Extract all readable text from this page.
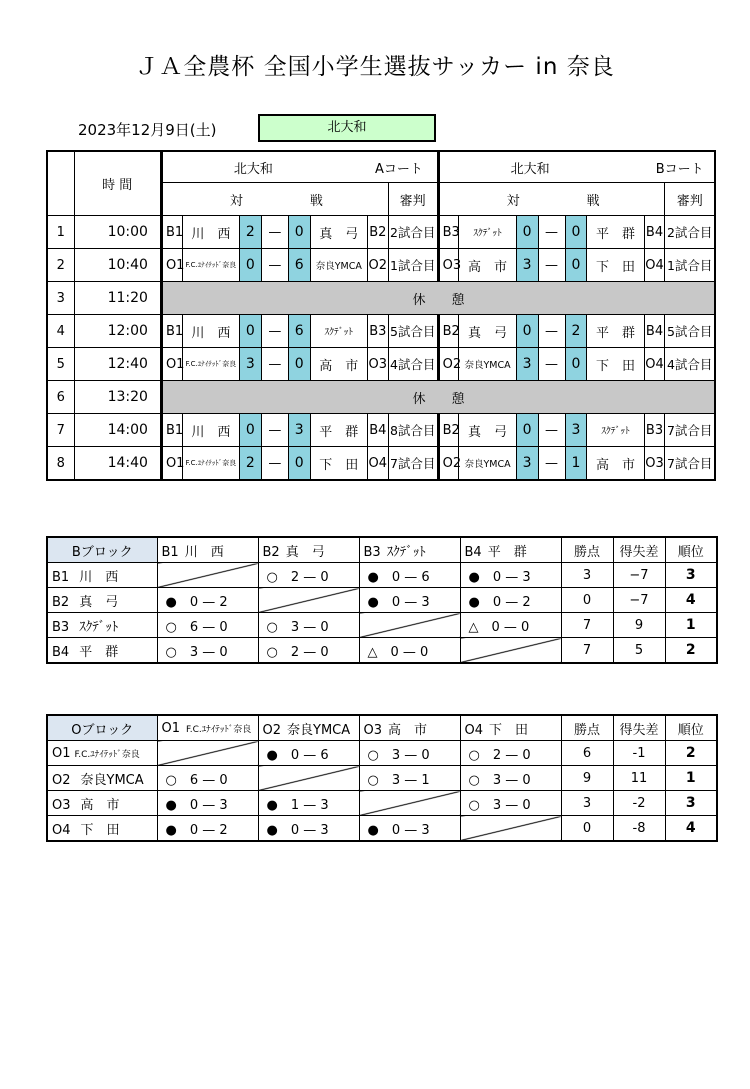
ＪＡ全農杯 全国小学生選抜サッカー in 奈良
2023年12月9日(土)	北大和
	時 間	北大和 Aコート								北大和 Bコート							
		対 戦							審判	対 戦							審判
1	10:00	B1	川　西	2	—	0	真　弓	B2	2試合目	B3	ｽｸﾃﾞｯﾄ	0	—	0	平　群	B4	2試合目
2	10:40	O1	F.C.ﾕﾅｲﾃｯﾄﾞ奈良	0	—	6	奈良YMCA	O2	1試合目	O3	高　市	3	—	0	下　田	O4	1試合目
3	11:20	休　　憩															
4	12:00	B1	川　西	0	—	6	ｽｸﾃﾞｯﾄ	B3	5試合目	B2	真　弓	0	—	2	平　群	B4	5試合目
5	12:40	O1	F.C.ﾕﾅｲﾃｯﾄﾞ奈良	3	—	0	高　市	O3	4試合目	O2	奈良YMCA	3	—	0	下　田	O4	4試合目
6	13:20	休　　憩															
7	14:00	B1	川　西	0	—	3	平　群	B4	8試合目	B2	真　弓	0	—	3	ｽｸﾃﾞｯﾄ	B3	7試合目
8	14:40	O1	F.C.ﾕﾅｲﾃｯﾄﾞ奈良	2	—	0	下　田	O4	7試合目	O2	奈良YMCA	3	—	1	高　市	O3	7試合目
Bブロック	B1 川　西	B2 真　弓	B3 ｽｸﾃﾞｯﾄ	B4 平　群	勝点	得失差	順位
B1 川　西		○　2 — 0	●　0 — 6	●　0 — 3	3	−7	3
B2 真　弓	●　0 — 2		●　0 — 3	●　0 — 2	0	−7	4
B3 ｽｸﾃﾞｯﾄ	○　6 — 0	○　3 — 0		△　0 — 0	7	9	1
B4 平　群	○　3 — 0	○　2 — 0	△　0 — 0		7	5	2
Oブロック	O1 F.C.ﾕﾅｲﾃｯﾄﾞ奈良	O2 奈良YMCA	O3 高　市	O4 下　田	勝点	得失差	順位
O1 F.C.ﾕﾅｲﾃｯﾄﾞ奈良		●　0 — 6	○　3 — 0	○　2 — 0	6	-1	2
O2 奈良YMCA	○　6 — 0		○　3 — 1	○　3 — 0	9	11	1
O3 高　市	●　0 — 3	●　1 — 3		○　3 — 0	3	-2	3
O4 下　田	●　0 — 2	●　0 — 3	●　0 — 3		0	-8	4
